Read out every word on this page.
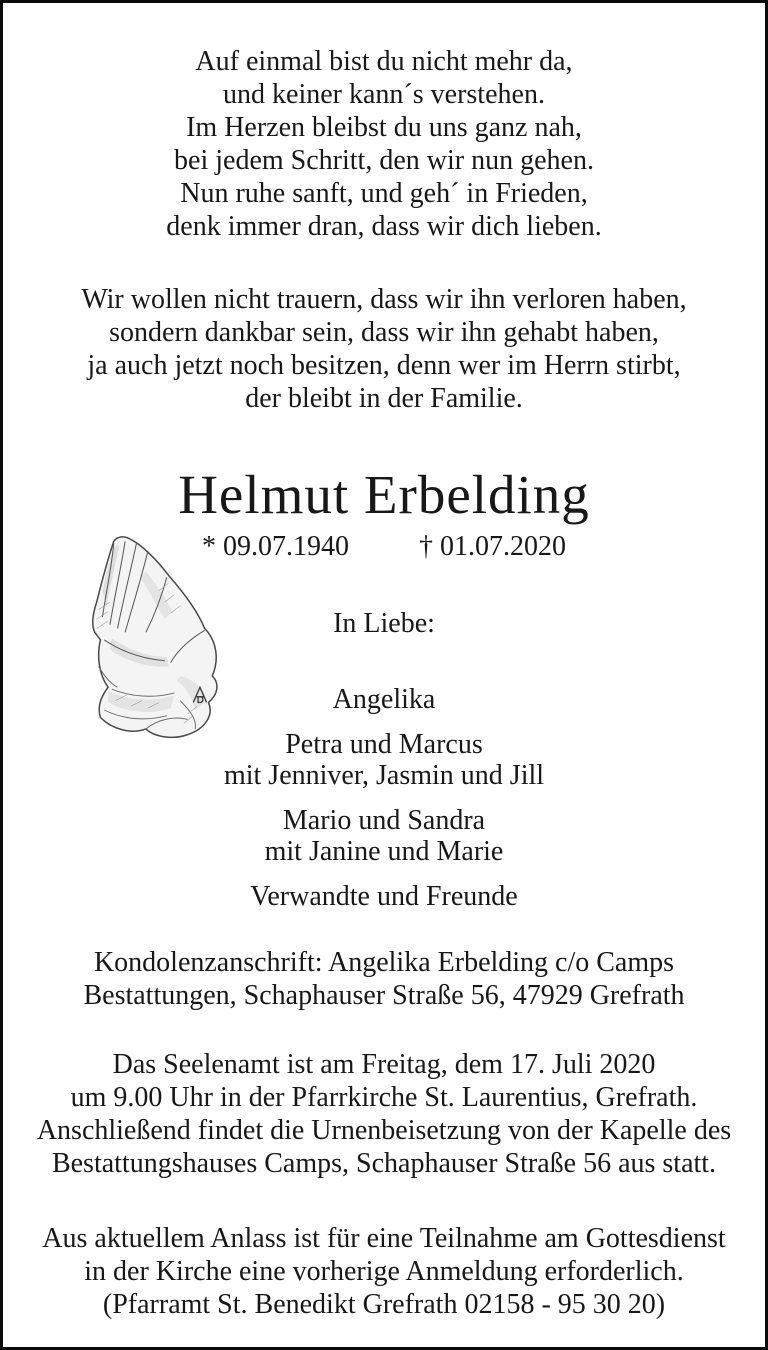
Auf einmal bist du nicht mehr da,
und keiner kann´s verstehen.
Im Herzen bleibst du uns ganz nah,
bei jedem Schritt, den wir nun gehen.
Nun ruhe sanft, und geh´ in Frieden,
denk immer dran, dass wir dich lieben.
Wir wollen nicht trauern, dass wir ihn verloren haben,
sondern dankbar sein, dass wir ihn gehabt haben,
ja auch jetzt noch besitzen, denn wer im Herrn stirbt,
der bleibt in der Familie.
Helmut Erbelding
* 09.07.1940	† 01.07.2020
In Liebe:
Angelika
Petra und Marcus
mit Jenniver, Jasmin und Jill
Mario und Sandra
mit Janine und Marie
Verwandte und Freunde
Kondolenzanschrift: Angelika Erbelding c/o Camps
Bestattungen, Schaphauser Straße 56, 47929 Grefrath
Das Seelenamt ist am Freitag, dem 17. Juli 2020
um 9.00 Uhr in der Pfarrkirche St. Laurentius, Grefrath.
Anschließend findet die Urnenbeisetzung von der Kapelle des
Bestattungshauses Camps, Schaphauser Straße 56 aus statt.
Aus aktuellem Anlass ist für eine Teilnahme am Gottesdienst
in der Kirche eine vorherige Anmeldung erforderlich.
(Pfarramt St. Benedikt Grefrath 02158 - 95 30 20)
